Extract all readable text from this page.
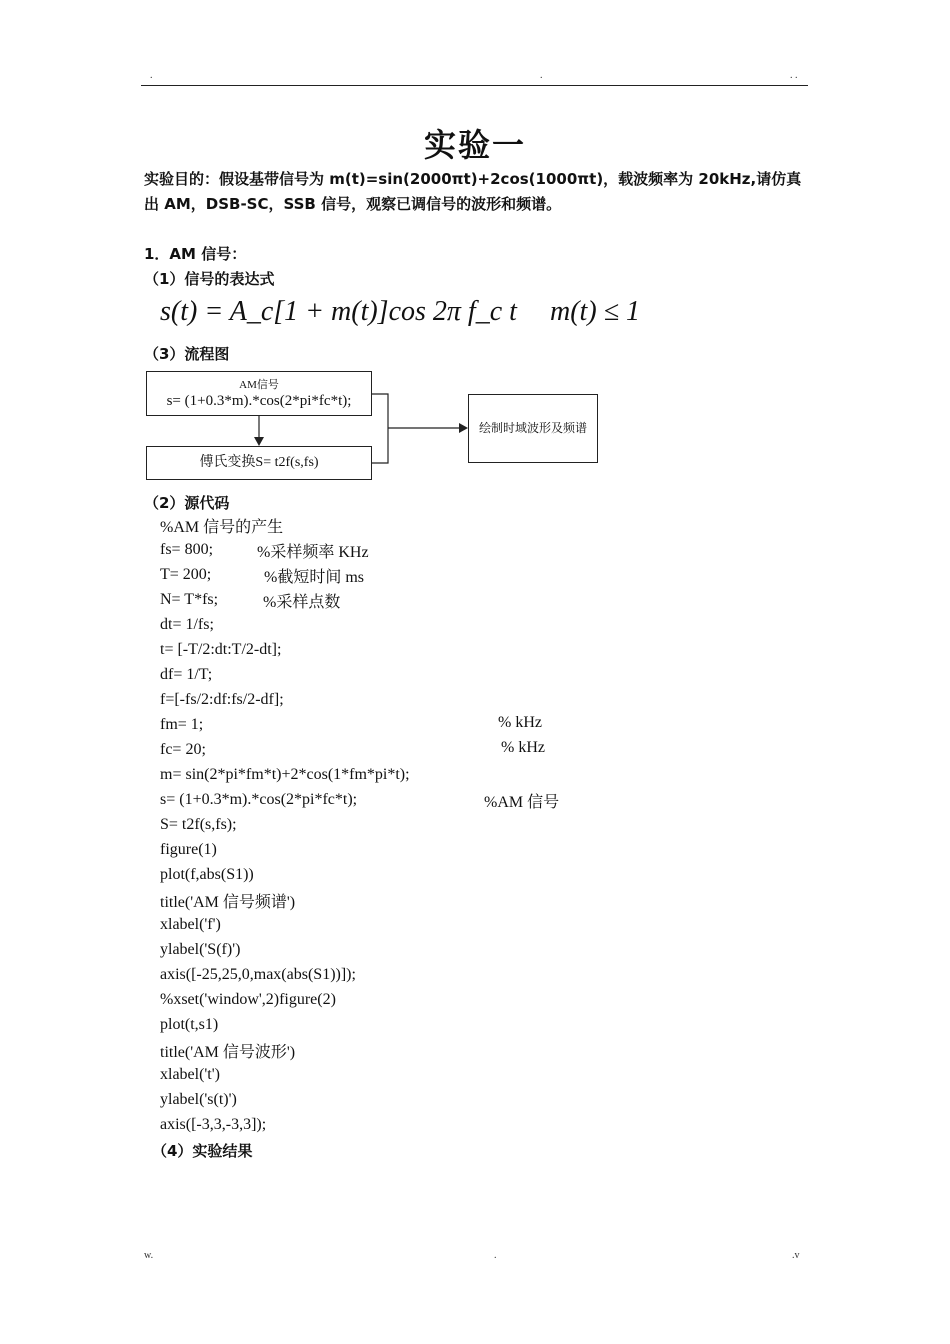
.	.	. .
实验一
实验目的：假设基带信号为 m(t)=sin(2000πt)+2cos(1000πt)，载波频率为 20kHz,请仿真出 AM，DSB-SC，SSB 信号，观察已调信号的波形和频谱。
1．AM 信号：
（1）信号的表达式
s(t) = A_c[1 + m(t)]cos 2π f_c t m(t) ≤ 1
（3）流程图
AM信号
s= (1+0.3*m).*cos(2*pi*fc*t);
傅氏变换S= t2f(s,fs)
绘制时域波形及频谱
（2）源代码
%AM 信号的产生
fs= 800;	%采样频率 KHz
T= 200;	%截短时间 ms
N= T*fs;	%采样点数
dt= 1/fs;
t= [-T/2:dt:T/2-dt];
df= 1/T;
f=[-fs/2:df:fs/2-df];
fm= 1;	% kHz
fc= 20;	% kHz
m= sin(2*pi*fm*t)+2*cos(1*fm*pi*t);
s= (1+0.3*m).*cos(2*pi*fc*t);	%AM 信号
S= t2f(s,fs);
figure(1)
plot(f,abs(S1))
title('AM 信号频谱')
xlabel('f')
ylabel('S(f)')
axis([-25,25,0,max(abs(S1))]);
%xset('window',2)figure(2)
plot(t,s1)
title('AM 信号波形')
xlabel('t')
ylabel('s(t)')
axis([-3,3,-3,3]);
（4）实验结果
w.	.	.v
